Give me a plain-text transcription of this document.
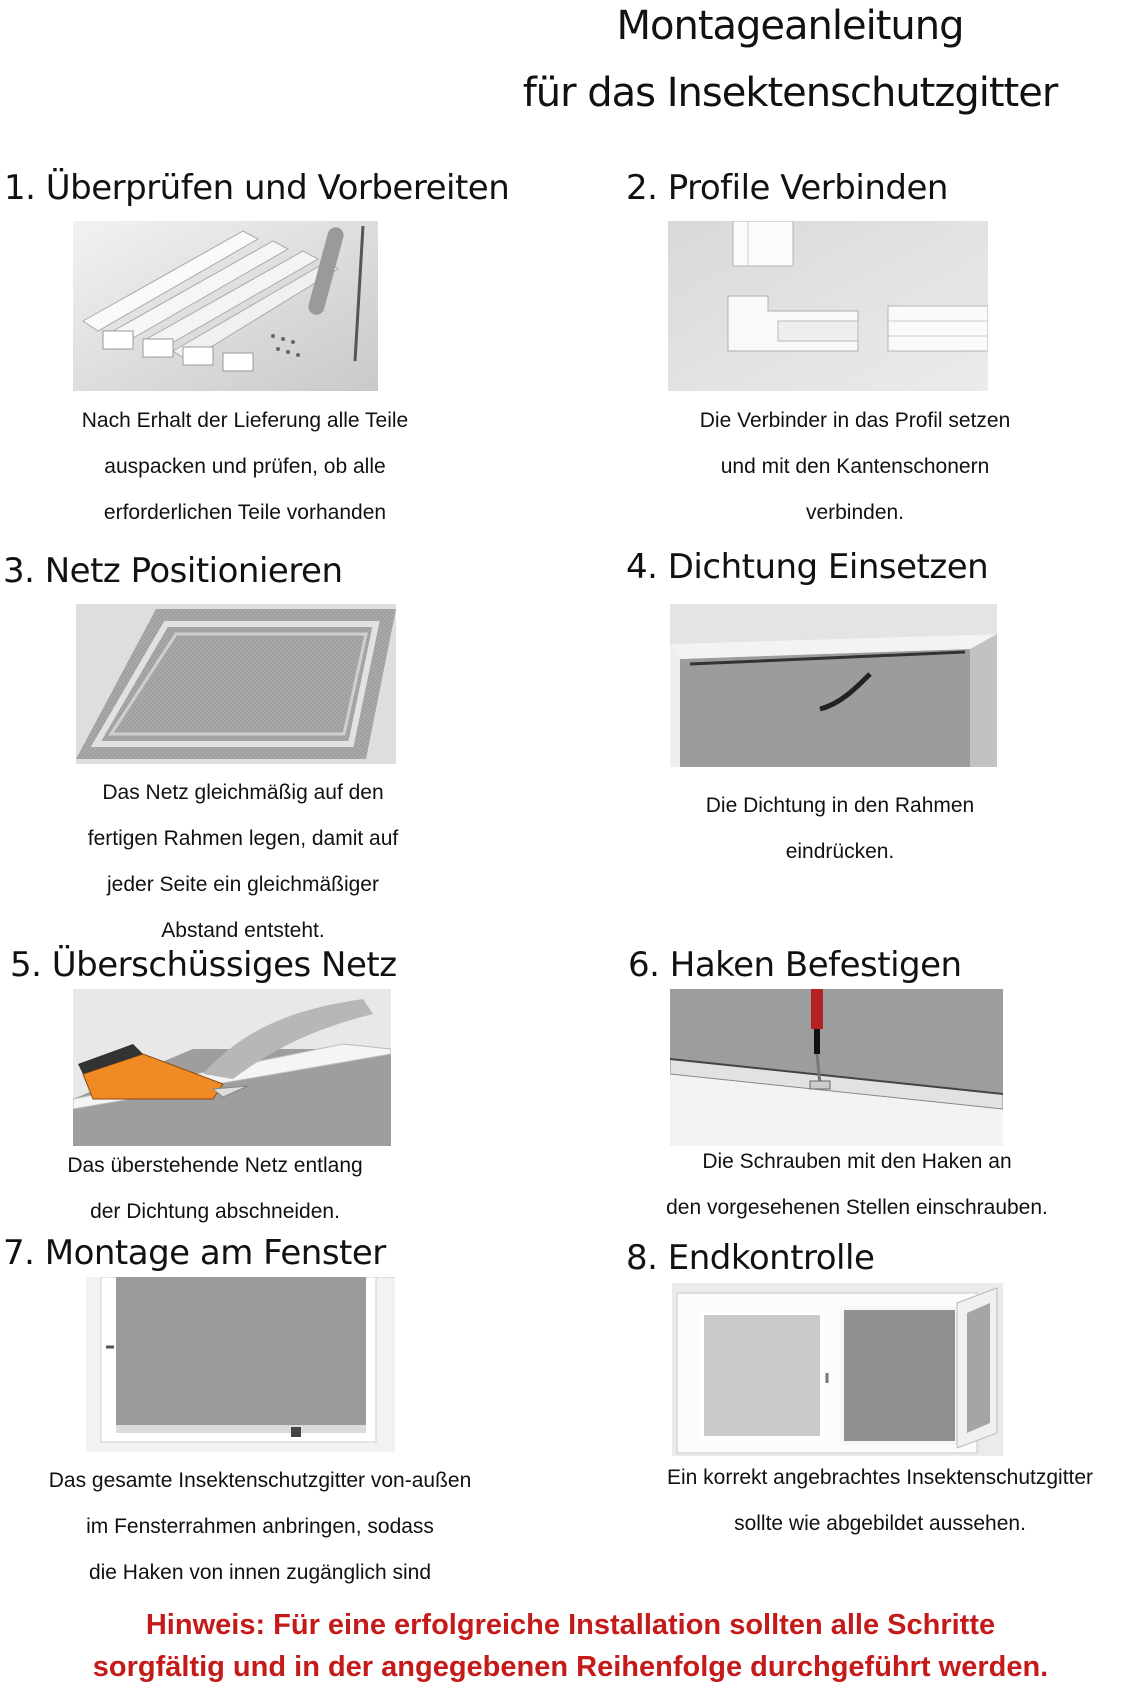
Montageanleitung
für das Insektenschutzgitter
1. Überprüfen und Vorbereiten
Nach Erhalt der Lieferung alle Teile
auspacken und prüfen, ob alle
erforderlichen Teile vorhanden
2. Profile Verbinden
Die Verbinder in das Profil setzen
und mit den Kantenschonern
verbinden.
3. Netz Positionieren
Das Netz gleichmäßig auf den
fertigen Rahmen legen, damit auf
jeder Seite ein gleichmäßiger
Abstand entsteht.
4. Dichtung Einsetzen
Die Dichtung in den Rahmen
eindrücken.
5. Überschüssiges Netz
Das überstehende Netz entlang
der Dichtung abschneiden.
6. Haken Befestigen
Die Schrauben mit den Haken an
den vorgesehenen Stellen einschrauben.
7. Montage am Fenster
Das gesamte Insektenschutzgitter von-außen
im Fensterrahmen anbringen, sodass
die Haken von innen zugänglich sind
8. Endkontrolle
Ein korrekt angebrachtes Insektenschutzgitter
sollte wie abgebildet aussehen.
Hinweis: Für eine erfolgreiche Installation sollten alle Schritte
sorgfältig und in der angegebenen Reihenfolge durchgeführt werden.
